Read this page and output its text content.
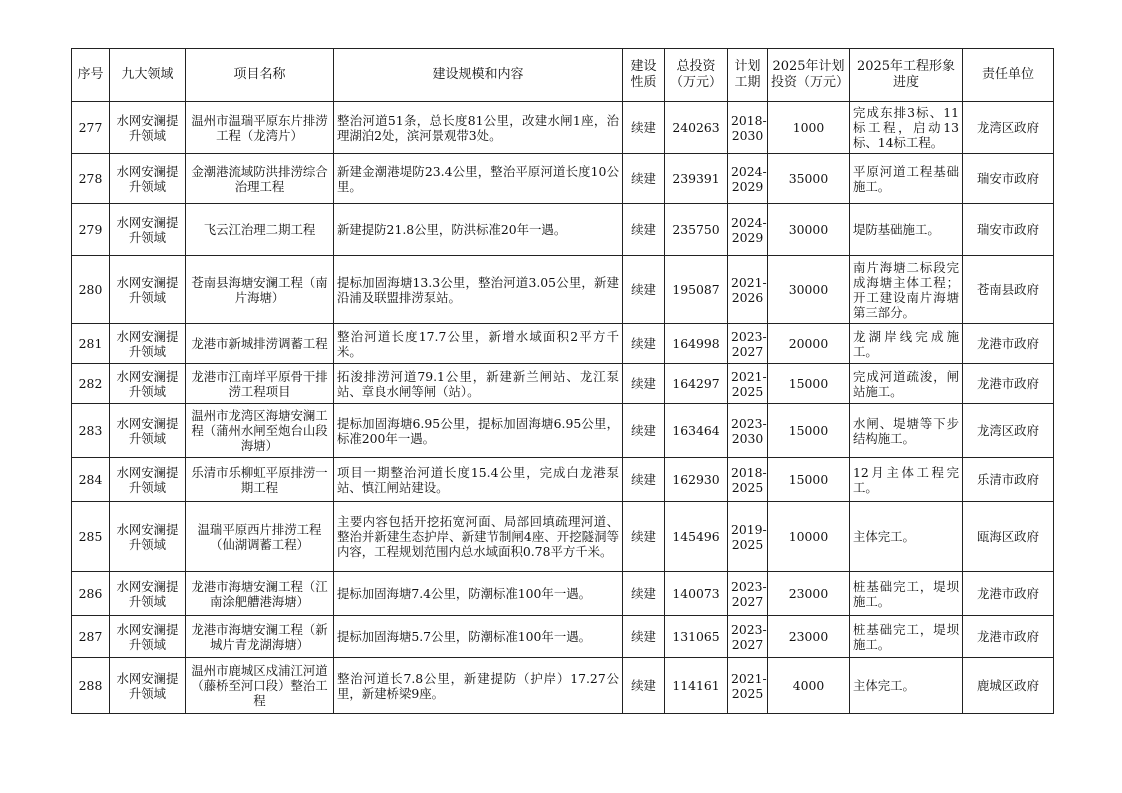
序号	九大领域	项目名称	建设规模和内容	建设性质	总投资（万元）	计划工期	2025年计划投资（万元）	2025年工程形象进度	责任单位
277	水网安澜提升领域	温州市温瑞平原东片排涝工程（龙湾片）	整治河道51条，总长度81公里，改建水闸1座，治理湖泊2处，滨河景观带3处。	续建	240263	2018-2030	1000	完成东排3标、11标工程，启动13标、14标工程。	龙湾区政府
278	水网安澜提升领域	金潮港流域防洪排涝综合治理工程	新建金潮港堤防23.4公里，整治平原河道长度10公里。	续建	239391	2024-2029	35000	平原河道工程基础施工。	瑞安市政府
279	水网安澜提升领域	飞云江治理二期工程	新建提防21.8公里，防洪标准20年一遇。	续建	235750	2024-2029	30000	堤防基础施工。	瑞安市政府
280	水网安澜提升领域	苍南县海塘安澜工程（南片海塘）	提标加固海塘13.3公里，整治河道3.05公里，新建沿浦及联盟排涝泵站。	续建	195087	2021-2026	30000	南片海塘二标段完成海塘主体工程；开工建设南片海塘第三部分。	苍南县政府
281	水网安澜提升领域	龙港市新城排涝调蓄工程	整治河道长度17.7公里，新增水域面积2平方千米。	续建	164998	2023-2027	20000	龙湖岸线完成施工。	龙港市政府
282	水网安澜提升领域	龙港市江南垟平原骨干排涝工程项目	拓浚排涝河道79.1公里，新建新兰闸站、龙江泵站、章良水闸等闸（站）。	续建	164297	2021-2025	15000	完成河道疏浚，闸站施工。	龙港市政府
283	水网安澜提升领域	温州市龙湾区海塘安澜工程（蒲州水闸至炮台山段海塘）	提标加固海塘6.95公里，提标加固海塘6.95公里，标准200年一遇。	续建	163464	2023-2030	15000	水闸、堤塘等下步结构施工。	龙湾区政府
284	水网安澜提升领域	乐清市乐柳虹平原排涝一期工程	项目一期整治河道长度15.4公里，完成白龙港泵站、慎江闸站建设。	续建	162930	2018-2025	15000	12月主体工程完工。	乐清市政府
285	水网安澜提升领域	温瑞平原西片排涝工程（仙湖调蓄工程）	主要内容包括开挖拓宽河面、局部回填疏理河道、整治并新建生态护岸、新建节制闸4座、开挖隧洞等内容，工程规划范围内总水域面积0.78平方千米。	续建	145496	2019-2025	10000	主体完工。	瓯海区政府
286	水网安澜提升领域	龙港市海塘安澜工程（江南涂舥艚港海塘）	提标加固海塘7.4公里，防潮标准100年一遇。	续建	140073	2023-2027	23000	桩基础完工，堤坝施工。	龙港市政府
287	水网安澜提升领域	龙港市海塘安澜工程（新城片青龙湖海塘）	提标加固海塘5.7公里，防潮标准100年一遇。	续建	131065	2023-2027	23000	桩基础完工，堤坝施工。	龙港市政府
288	水网安澜提升领域	温州市鹿城区戍浦江河道（藤桥至河口段）整治工程	整治河道长7.8公里，新建提防（护岸）17.27公里，新建桥梁9座。	续建	114161	2021-2025	4000	主体完工。	鹿城区政府
